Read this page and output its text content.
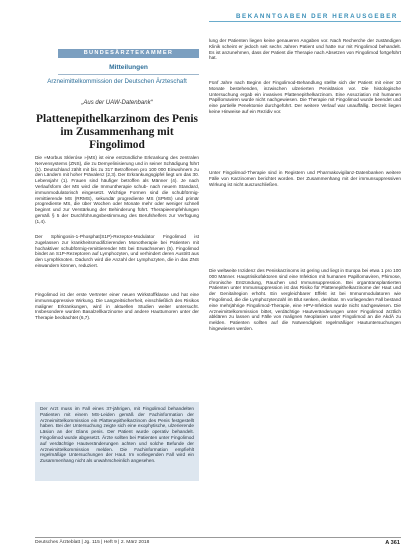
BEKANNTGABEN DER HERAUSGEBER
BUNDESÄRZTEKAMMER
Mitteilungen
Arzneimittelkommission der Deutschen Ärzteschaft
„Aus der UAW-Datenbank“
Plattenepithelkarzinom des Penis im Zusammenhang mit Fingolimod
Die »Morbus Skleróse »(MS) ist eine entzündliche Erkrankung des zentralen Nervensystems (ZNS), die zu Demyelinisierung und in seiner Schädigung führt (1). Deutschland zählt mit bis zu 317 Betroffenen pro 100 000 Einwohnern zu den Ländern mit hoher Prävalenz (2,3). Der Erkrankungsgipfel liegt um das 30. Lebensjahr (1). Frauen sind häufiger betroffen als Männer (4). Je nach Verlaufsform der MS wird die Immuntherapie schub- nach neuem Standard, immunmodulatorisch eingesetzt. Wichtige Formen sind die schubförmig-remittierende MS (RRMS), sekundär progrediente MS (SPMS) und primär progrediente MS, die über Wochen oder Monate mehr oder weniger schnell beginnt und zur Verstärkung der Behinderung führt. Therapieempfehlungen gemäß § 5 der Durchführungsbestimmung des Berufshelfers zur Verfügung (1,4).
Der Sphingosin-1-Phosphat(S1P)-Rezeptor-Modulator Fingolimod ist zugelassen zur krankheitsmodifizierenden Monotherapie bei Patienten mit hochaktiver schubförmig-remittierender MS bei Erwachsenen (5). Fingolimod bindet an S1P-Rezeptoren auf Lymphozyten, und verhindert deren Austritt aus den Lymphknoten. Dadurch wird die Anzahl der Lymphozyten, die in das ZNS einwandern können, reduziert.
Fingolimod ist der erste Vertreter einer neuen Wirkstoffklasse und hat eine immunsuppressive Wirkung. Die Langzeitsicherheit, einschließlich des Risikos maligner Erkrankungen, wird in aktuellen Studien weiter untersucht. Insbesondere wurden Basalzellkarzinome und andere Hauttumoren unter der Therapie beobachtet (6,7).
Der Arzt muss im Fall eines 37-jährigen, mit Fingolimod behandelten Patienten mit einem MS-Leiden gemäß der Fachinformation der Arzneimittelkommission ein Plattenepithelkarzinom des Penis festgestellt haben. Bei der Untersuchung zeigte sich eine exophytische, ulzerierende Läsion an der Glans penis. Der Patient wurde operativ behandelt. Fingolimod wurde abgesetzt. Ärzte sollten bei Patienten unter Fingolimod auf verdächtige Hautveränderungen achten und solche Befunde der Arzneimittelkommission melden. Die Fachinformation empfiehlt regelmäßige Untersuchungen der Haut. Im vorliegenden Fall wird ein Zusammenhang nicht als unwahrscheinlich angesehen.
lung der Patienten liegen keine genaueren Angaben vor. Nach Recherche der zuständigen Klinik scheint er jedoch seit sechs Jahren Patient und hatte nur mit Fingolimod behandelt. Es ist anzunehmen, dass der Patient die Therapie nach Absetzen von Fingolimod fortgeführt hat.
Fünf Jahre nach Beginn der Fingolimod-Behandlung stellte sich der Patient mit einer 10 Monate bestehenden, inzwischen ulzerierten Penisläsion vor. Die histologische Untersuchung ergab ein invasives Plattenepithelkarzinom. Eine Assoziation mit humanen Papillomaviren wurde nicht nachgewiesen. Die Therapie mit Fingolimod wurde beendet und eine partielle Penektomie durchgeführt. Der weitere Verlauf war unauffällig. Derzeit liegen keine Hinweise auf ein Rezidiv vor.
Unter Fingolimod-Therapie sind in Registern und Pharmakovigilanz-Datenbanken weitere Fälle von Karzinomen berichtet worden. Der Zusammenhang mit der immunsuppressiven Wirkung ist nicht auszuschließen.
Die weltweite Inzidenz des Peniskarzinoms ist gering und liegt in Europa bei etwa 1 pro 100 000 Männer. Hauptrisikofaktoren sind eine Infektion mit humanen Papillomaviren, Phimose, chronische Entzündung, Rauchen und Immunsuppression. Bei organtransplantierten Patienten unter Immunsuppression ist das Risiko für Plattenepithelkarzinome der Haut und der Genitalregion erhöht. Ein vergleichbarer Effekt ist bei Immunmodulatoren wie Fingolimod, die die Lymphozytenzahl im Blut senken, denkbar. Im vorliegenden Fall bestand eine mehrjährige Fingolimod-Therapie, eine HPV-Infektion wurde nicht nachgewiesen. Die Arzneimittelkommission bittet, verdächtige Hautveränderungen unter Fingolimod ärztlich abklären zu lassen und Fälle von malignen Neoplasien unter Fingolimod an die AkdÄ zu melden. Patienten sollten auf die Notwendigkeit regelmäßiger Hautuntersuchungen hingewiesen werden.
Deutsches Ärzteblatt | Jg. 115 | Heft 9 | 2. März 2018	A 361
